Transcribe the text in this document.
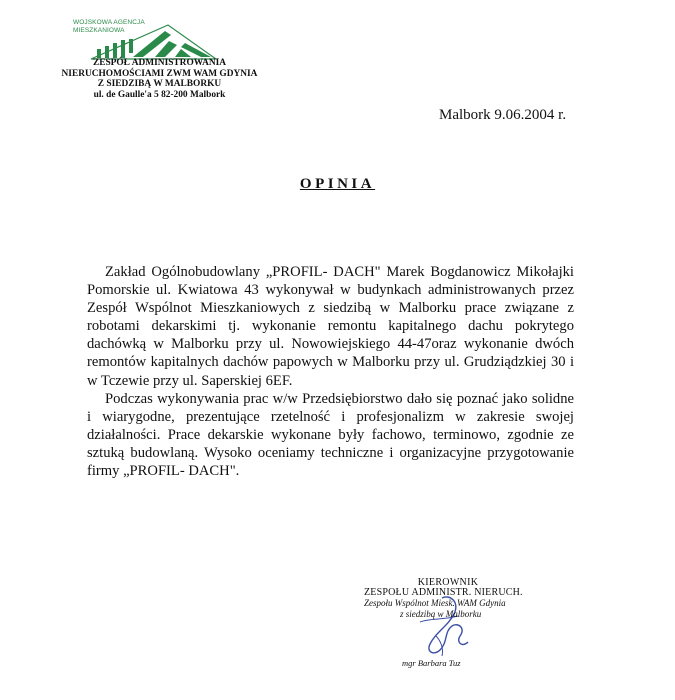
WOJSKOWA AGENCJA
MIESZKANIOWA
ZESPÓŁ ADMINISTROWANIA
NIERUCHOMOŚCIAMI ZWM WAM GDYNIA
Z SIEDZIBĄ W MALBORKU
ul. de Gaulle'a 5 82-200 Malbork
Malbork 9.06.2004 r.
OPINIA

Zakład Ogólnobudowlany „PROFIL- DACH" Marek Bogdanowicz Mikołajki Pomorskie ul. Kwiatowa 43 wykonywał w budynkach administrowanych przez Zespół Wspólnot Mieszkaniowych z siedzibą w Malborku prace związane z robotami dekarskimi tj. wykonanie remontu kapitalnego dachu pokrytego dachówką w Malborku przy ul. Nowowiejskiego 44-47oraz wykonanie dwóch remontów kapitalnych dachów papowych w Malborku przy ul. Grudziądzkiej 30 i w Tczewie przy ul. Saperskiej 6EF.

Podczas wykonywania prac w/w Przedsiębiorstwo dało się poznać jako solidne i wiarygodne, prezentujące rzetelność i profesjonalizm w zakresie swojej działalności. Prace dekarskie wykonane były fachowo, terminowo, zgodnie ze sztuką budowlaną. Wysoko oceniamy techniczne i organizacyjne przygotowanie firmy „PROFIL- DACH".

KIEROWNIK
ZESPOŁU ADMINISTR. NIERUCH.
Zespołu Wspólnot Miesk. WAM Gdynia
z siedzibą w Malborku
mgr Barbara Tuz
